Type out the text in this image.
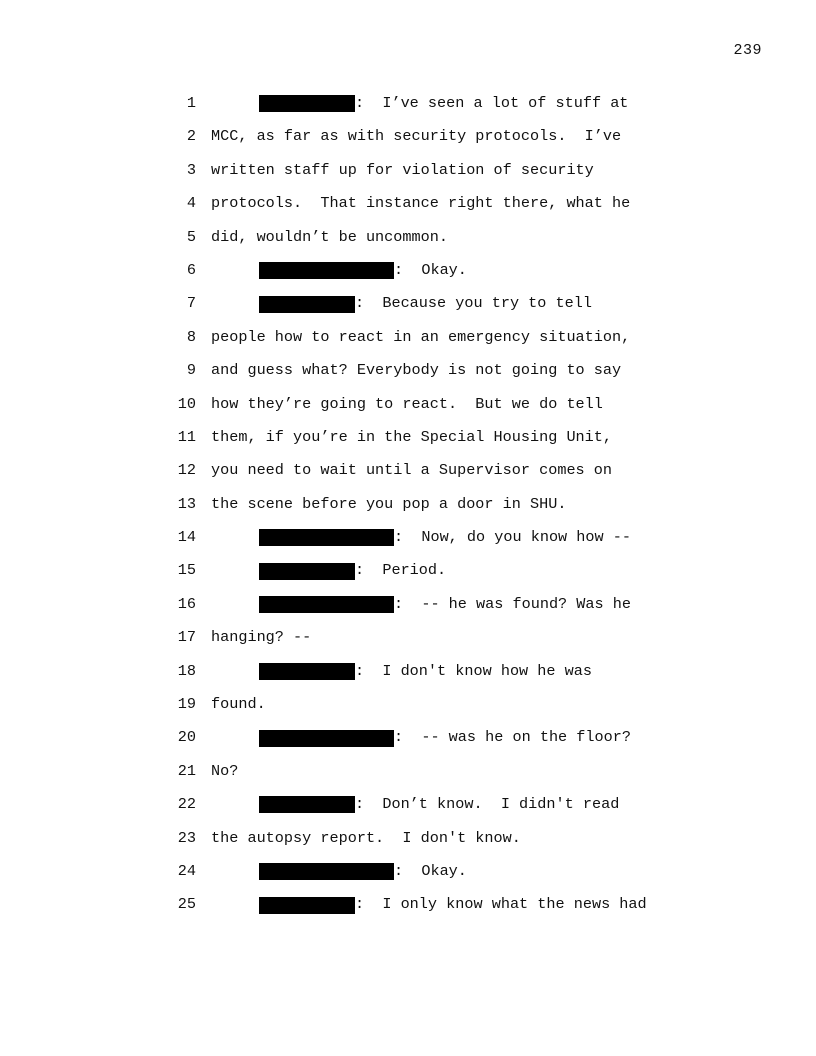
239
1	:  I’ve seen a lot of stuff at
2 MCC, as far as with security protocols.  I’ve
3 written staff up for violation of security
4 protocols.  That instance right there, what he
5 did, wouldn’t be uncommon.
6	:  Okay.
7	:  Because you try to tell
8 people how to react in an emergency situation,
9 and guess what? Everybody is not going to say
10 how they’re going to react.  But we do tell
11 them, if you’re in the Special Housing Unit,
12 you need to wait until a Supervisor comes on
13 the scene before you pop a door in SHU.
14	:  Now, do you know how --
15	:  Period.
16	:  -- he was found? Was he
17 hanging? --
18	:  I don't know how he was
19 found.
20	:  -- was he on the floor?
21 No?
22	:  Don’t know.  I didn't read
23 the autopsy report.  I don't know.
24	:  Okay.
25	:  I only know what the news had
